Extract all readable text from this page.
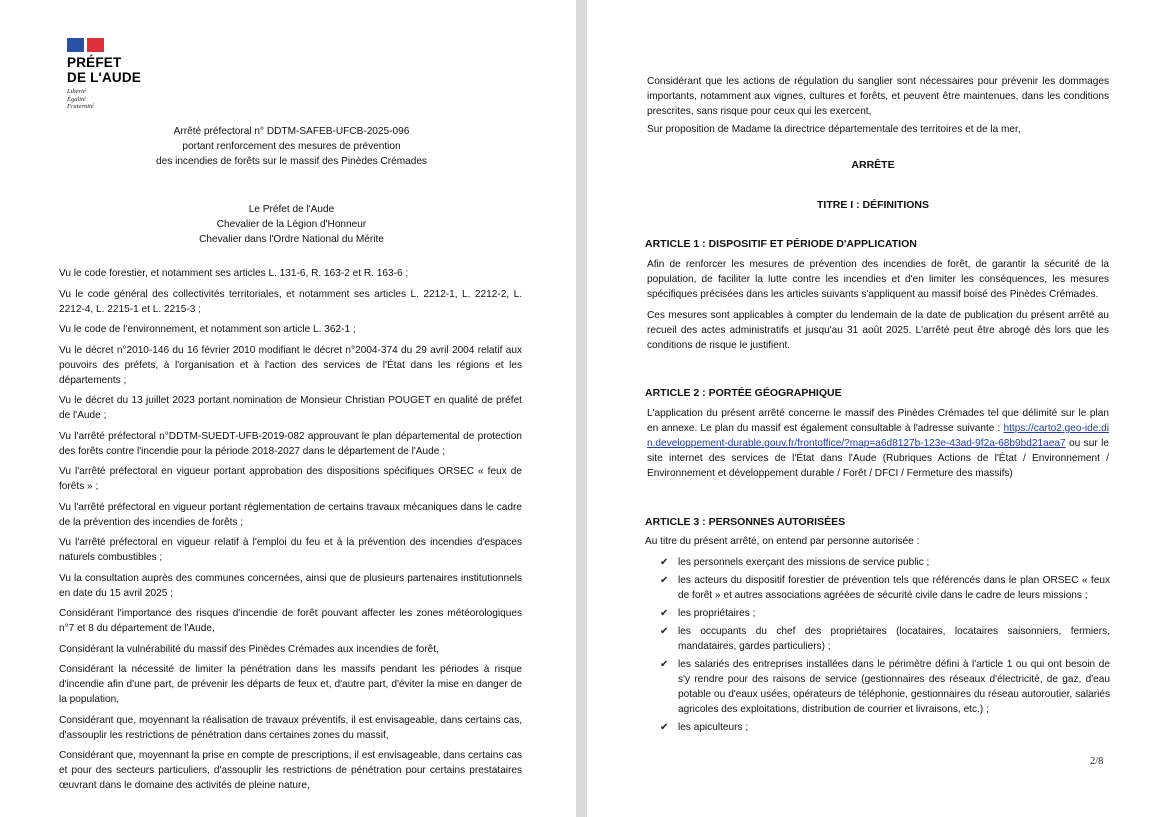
PRÉFET
DE L'AUDE
Liberté
Égalité
Fraternité
Arrêté préfectoral n° DDTM-SAFEB-UFCB-2025-096
portant renforcement des mesures de prévention
des incendies de forêts sur le massif des Pinèdes Crémades
Le Préfet de l'Aude
Chevalier de la Légion d'Honneur
Chevalier dans l'Ordre National du Mérite

Vu le code forestier, et notamment ses articles L. 131-6, R. 163-2 et R. 163-6 ;

Vu le code général des collectivités territoriales, et notamment ses articles L. 2212-1, L. 2212-2, L. 2212-4, L. 2215-1 et L. 2215-3 ;

Vu le code de l'environnement, et notamment son article L. 362-1 ;

Vu le décret n°2010-146 du 16 février 2010 modifiant le décret n°2004-374 du 29 avril 2004 relatif aux pouvoirs des préfets, à l'organisation et à l'action des services de l'État dans les régions et les départements ;

Vu le décret du 13 juillet 2023 portant nomination de Monsieur Christian POUGET en qualité de préfet de l'Aude ;

Vu l'arrêté préfectoral n°DDTM-SUEDT-UFB-2019-082 approuvant le plan départemental de protection des forêts contre l'incendie pour la période 2018-2027 dans le département de l'Aude ;

Vu l'arrêté préfectoral en vigueur portant approbation des dispositions spécifiques ORSEC « feux de forêts » ;

Vu l'arrêté préfectoral en vigueur portant réglementation de certains travaux mécaniques dans le cadre de la prévention des incendies de forêts ;

Vu l'arrêté préfectoral en vigueur relatif à l'emploi du feu et à la prévention des incendies d'espaces naturels combustibles ;

Vu la consultation auprès des communes concernées, ainsi que de plusieurs partenaires institutionnels en date du 15 avril 2025 ;

Considérant l'importance des risques d'incendie de forêt pouvant affecter les zones météorologiques n°7 et 8 du département de l'Aude,

Considérant la vulnérabilité du massif des Pinèdes Crémades aux incendies de forêt,

Considérant la nécessité de limiter la pénétration dans les massifs pendant les périodes à risque d'incendie afin d'une part, de prévenir les départs de feux et, d'autre part, d'éviter la mise en danger de la population,

Considérant que, moyennant la réalisation de travaux préventifs, il est envisageable, dans certains cas, d'assouplir les restrictions de pénétration dans certaines zones du massif,

Considérant que, moyennant la prise en compte de prescriptions, il est envisageable, dans certains cas et pour des secteurs particuliers, d'assouplir les restrictions de pénétration pour certains prestataires œuvrant dans le domaine des activités de pleine nature,

Considérant que les actions de régulation du sanglier sont nécessaires pour prévenir les dommages importants, notamment aux vignes, cultures et forêts, et peuvent être maintenues, dans les conditions prescrites, sans risque pour ceux qui les exercent,

Sur proposition de Madame la directrice départementale des territoires et de la mer,

ARRÊTE
TITRE I : DÉFINITIONS
ARTICLE 1 : DISPOSITIF ET PÉRIODE D'APPLICATION

Afin de renforcer les mesures de prévention des incendies de forêt, de garantir la sécurité de la population, de faciliter la lutte contre les incendies et d'en limiter les conséquences, les mesures spécifiques précisées dans les articles suivants s'appliquent au massif boisé des Pinèdes Crémades.

Ces mesures sont applicables à compter du lendemain de la date de publication du présent arrêté au recueil des actes administratifs et jusqu'au 31 août 2025. L'arrêté peut être abrogé dès lors que les conditions de risque le justifient.

ARTICLE 2 : PORTÉE GÉOGRAPHIQUE

L'application du présent arrêté concerne le massif des Pinèdes Crémades tel que délimité sur le plan en annexe. Le plan du massif est également consultable à l'adresse suivante : https://carto2.geo-ide.din.developpement-durable.gouv.fr/frontoffice/?map=a6d8127b-123e-43ad-9f2a-68b9bd21aea7 ou sur le site internet des services de l'État dans l'Aude (Rubriques Actions de l'État / Environnement / Environnement et développement durable / Forêt / DFCI / Fermeture des massifs)

ARTICLE 3 : PERSONNES AUTORISÉES

Au titre du présent arrêté, on entend par personne autorisée :

✔ les personnels exerçant des missions de service public ;
✔ les acteurs du dispositif forestier de prévention tels que référencés dans le plan ORSEC « feux de forêt » et autres associations agréées de sécurité civile dans le cadre de leurs missions ;
✔ les propriétaires ;
✔ les occupants du chef des propriétaires (locataires, locataires saisonniers, fermiers, mandataires, gardes particuliers) ;
✔ les salariés des entreprises installées dans le périmètre défini à l'article 1 ou qui ont besoin de s'y rendre pour des raisons de service (gestionnaires des réseaux d'électricité, de gaz, d'eau potable ou d'eaux usées, opérateurs de téléphonie, gestionnaires du réseau autoroutier, salariés agricoles des exploitations, distribution de courrier et livraisons, etc.) ;
✔ les apiculteurs ;
2/8
